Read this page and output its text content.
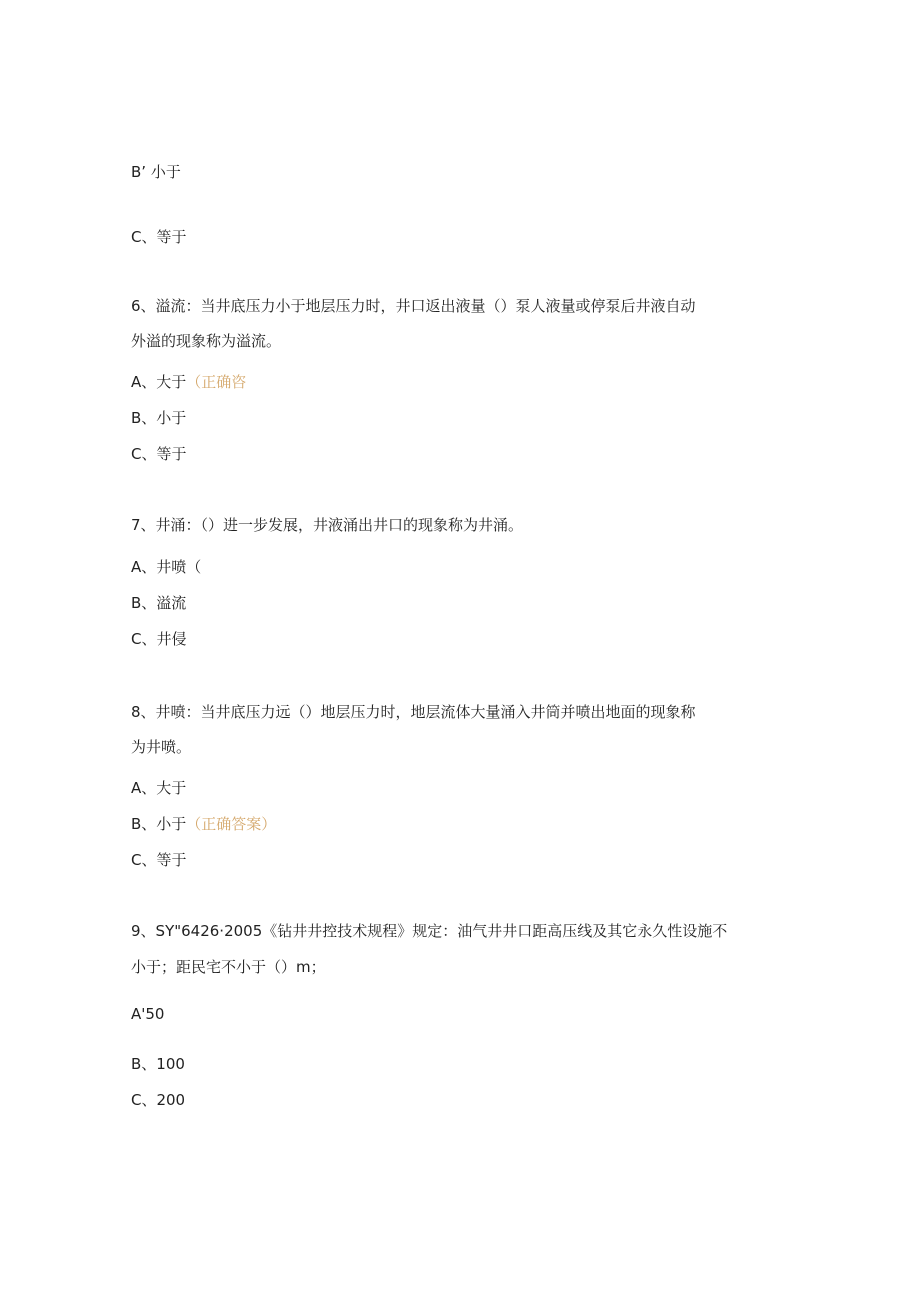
B’ 小于
C、等于
6、溢流：当井底压力小于地层压力时，井口返出液量（）泵人液量或停泵后井液自动
外溢的现象称为溢流。
A、大于（正确咨
B、小于
C、等于
7、井涌：（）进一步发展，井液涌出井口的现象称为井涌。
A、井喷（
B、溢流
C、井侵
8、井喷：当井底压力远（）地层压力时，地层流体大量涌入井筒并喷出地面的现象称
为井喷。
A、大于
B、小于（正确答案）
C、等于
9、SY"6426·2005《钻井井控技术规程》规定：油气井井口距高压线及其它永久性设施不
小于；距民宅不小于（）m；
A'50
B、100
C、200
